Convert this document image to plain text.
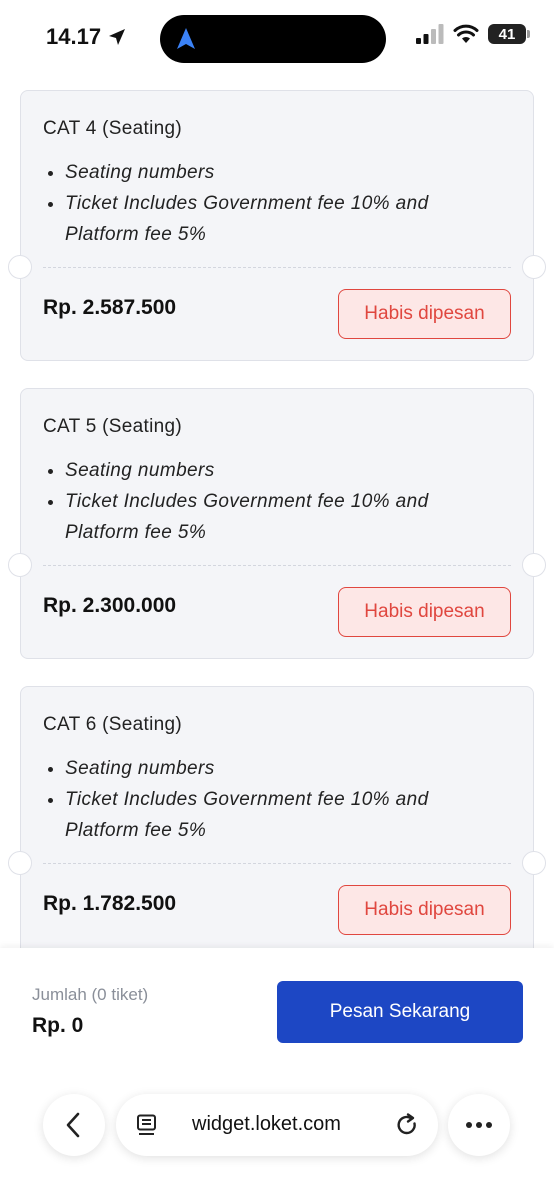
14.17	41
CAT 4 (Seating)
• Seating numbers
• Ticket Includes Government fee 10% and Platform fee 5%
Rp. 2.587.500	Habis dipesan
CAT 5 (Seating)
• Seating numbers
• Ticket Includes Government fee 10% and Platform fee 5%
Rp. 2.300.000	Habis dipesan
CAT 6 (Seating)
• Seating numbers
• Ticket Includes Government fee 10% and Platform fee 5%
Rp. 1.782.500	Habis dipesan
Jumlah (0 tiket)
Rp. 0
Pesan Sekarang
widget.loket.com
